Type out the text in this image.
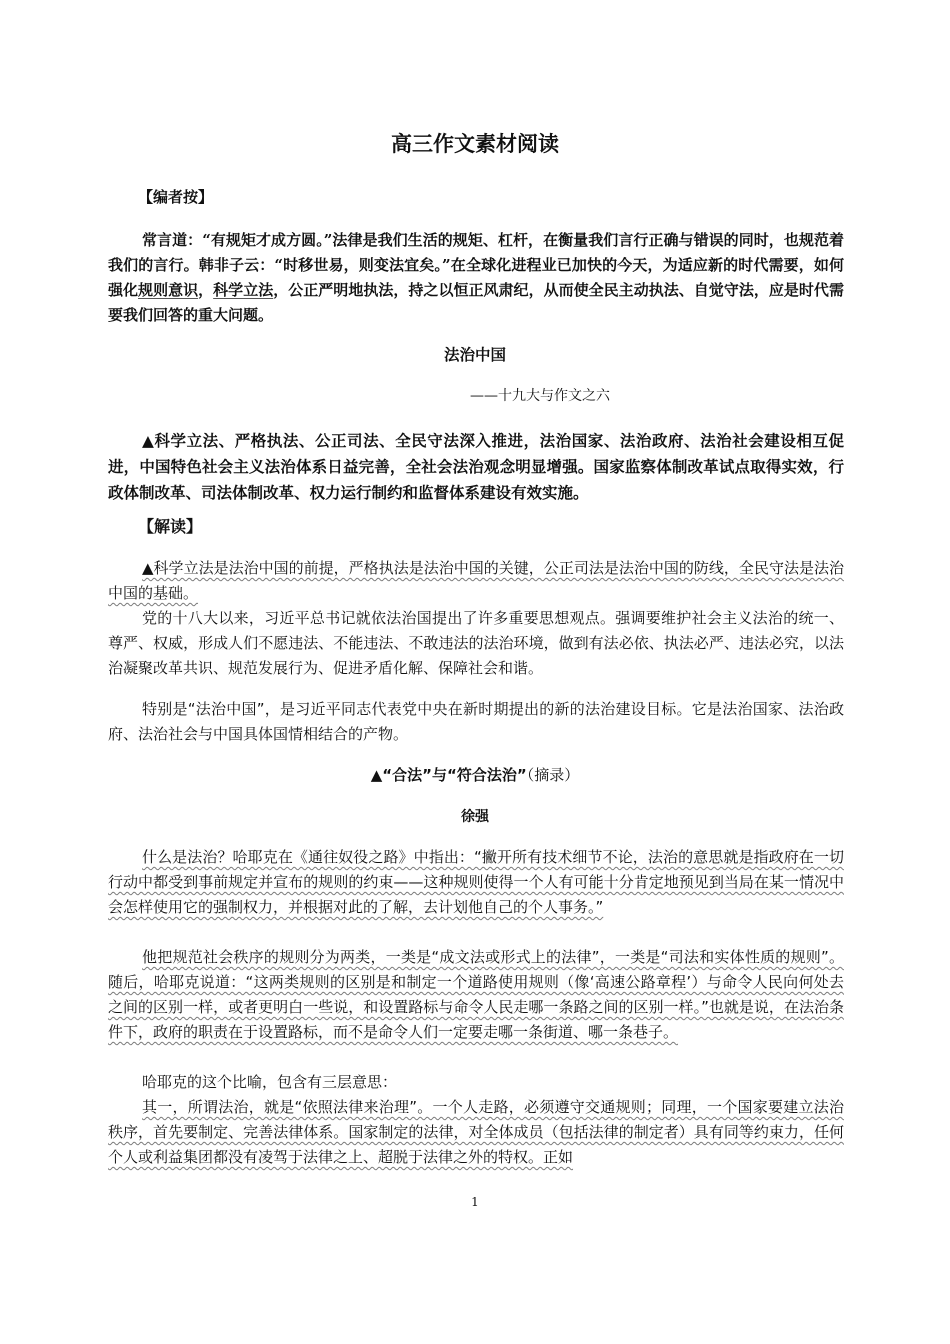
高三作文素材阅读
【编者按】
常言道：“有规矩才成方圆。”法律是我们生活的规矩、杠杆，在衡量我们言行正确与错误的同时，也规范着我们的言行。韩非子云：“时移世易，则变法宜矣。”在全球化进程业已加快的今天，为适应新的时代需要，如何强化规则意识，科学立法，公正严明地执法，持之以恒正风肃纪，从而使全民主动执法、自觉守法，应是时代需要我们回答的重大问题。
法治中国
——十九大与作文之六
▲科学立法、严格执法、公正司法、全民守法深入推进，法治国家、法治政府、法治社会建设相互促进，中国特色社会主义法治体系日益完善，全社会法治观念明显增强。国家监察体制改革试点取得实效，行政体制改革、司法体制改革、权力运行制约和监督体系建设有效实施。
【解读】
▲科学立法是法治中国的前提，严格执法是法治中国的关键，公正司法是法治中国的防线，全民守法是法治中国的基础。
党的十八大以来，习近平总书记就依法治国提出了许多重要思想观点。强调要维护社会主义法治的统一、尊严、权威，形成人们不愿违法、不能违法、不敢违法的法治环境，做到有法必依、执法必严、违法必究，以法治凝聚改革共识、规范发展行为、促进矛盾化解、保障社会和谐。
特别是“法治中国”，是习近平同志代表党中央在新时期提出的新的法治建设目标。它是法治国家、法治政府、法治社会与中国具体国情相结合的产物。
▲“合法”与“符合法治”（摘录）
徐强
什么是法治？哈耶克在《通往奴役之路》中指出：“撇开所有技术细节不论，法治的意思就是指政府在一切行动中都受到事前规定并宣布的规则的约束——这种规则使得一个人有可能十分肯定地预见到当局在某一情况中会怎样使用它的强制权力，并根据对此的了解，去计划他自己的个人事务。”
他把规范社会秩序的规则分为两类，一类是“成文法或形式上的法律”，一类是“司法和实体性质的规则”。随后，哈耶克说道：“这两类规则的区别是和制定一个道路使用规则（像‘高速公路章程’）与命令人民向何处去之间的区别一样，或者更明白一些说，和设置路标与命令人民走哪一条路之间的区别一样。”也就是说，在法治条件下，政府的职责在于设置路标，而不是命令人们一定要走哪一条街道、哪一条巷子。
哈耶克的这个比喻，包含有三层意思：
其一，所谓法治，就是“依照法律来治理”。一个人走路，必须遵守交通规则；同理，一个国家要建立法治秩序，首先要制定、完善法律体系。国家制定的法律，对全体成员（包括法律的制定者）具有同等约束力，任何个人或利益集团都没有凌驾于法律之上、超脱于法律之外的特权。正如
1
